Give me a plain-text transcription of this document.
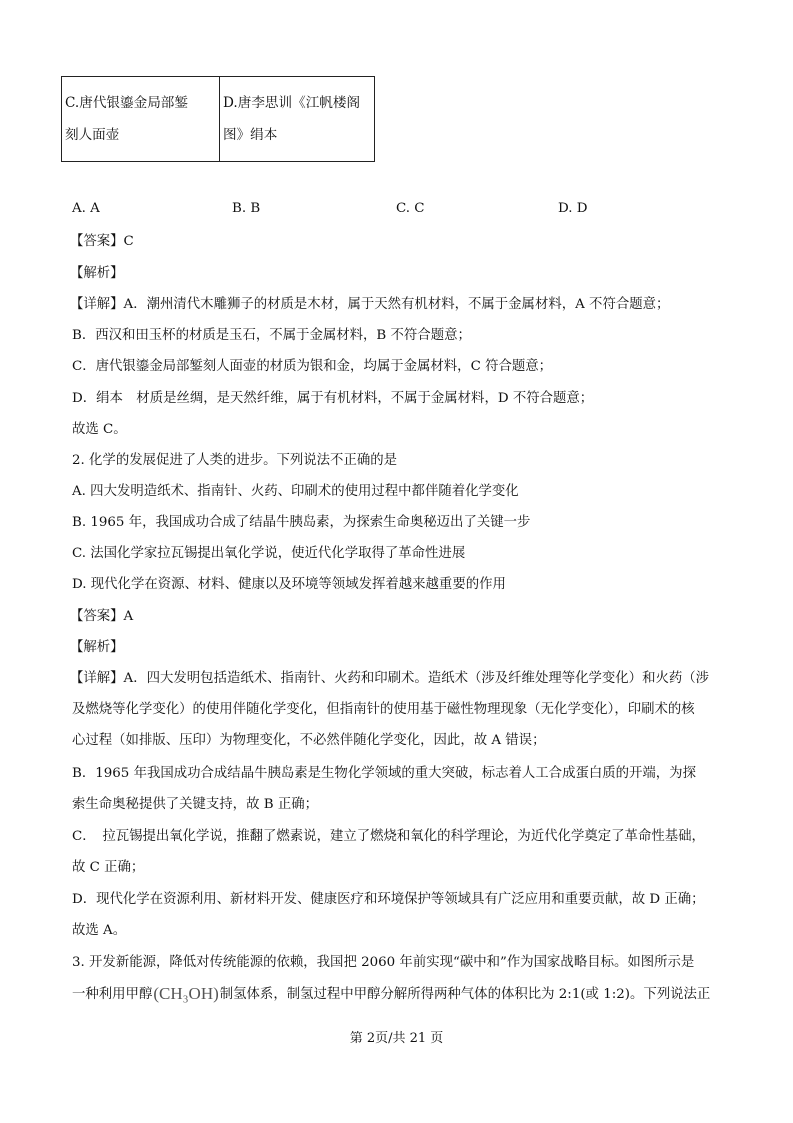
C.唐代银鎏金局部錾
刻人面壶

D.唐李思训《江帆楼阁
图》绢本
A. A	B. B	C. C	D. D
【答案】C
【解析】
【详解】A．潮州清代木雕狮子的材质是木材，属于天然有机材料，不属于金属材料，A 不符合题意；
B．西汉和田玉杯的材质是玉石，不属于金属材料，B 不符合题意；
C．唐代银鎏金局部錾刻人面壶的材质为银和金，均属于金属材料，C 符合题意；
D．绢本　材质是丝绸，是天然纤维，属于有机材料，不属于金属材料，D 不符合题意；
故选 C。
2. 化学的发展促进了人类的进步。下列说法不正确的是
A. 四大发明造纸术、指南针、火药、印刷术的使用过程中都伴随着化学变化
B. 1965 年，我国成功合成了结晶牛胰岛素，为探索生命奥秘迈出了关键一步
C. 法国化学家拉瓦锡提出氧化学说，使近代化学取得了革命性进展
D. 现代化学在资源、材料、健康以及环境等领域发挥着越来越重要的作用
【答案】A
【解析】
【详解】A．四大发明包括造纸术、指南针、火药和印刷术。造纸术（涉及纤维处理等化学变化）和火药（涉
及燃烧等化学变化）的使用伴随化学变化，但指南针的使用基于磁性物理现象（无化学变化），印刷术的核
心过程（如排版、压印）为物理变化，不必然伴随化学变化，因此，故 A 错误；
B．1965 年我国成功合成结晶牛胰岛素是生物化学领域的重大突破，标志着人工合成蛋白质的开端，为探
索生命奥秘提供了关键支持，故 B 正确；
C．　拉瓦锡提出氧化学说，推翻了燃素说，建立了燃烧和氧化的科学理论，为近代化学奠定了革命性基础，
故 C 正确；
D．现代化学在资源利用、新材料开发、健康医疗和环境保护等领域具有广泛应用和重要贡献，故 D 正确；
故选 A。
3. 开发新能源，降低对传统能源的依赖，我国把 2060 年前实现“碳中和”作为国家战略目标。如图所示是
一种利用甲醇(CH₃OH)制氢体系，制氢过程中甲醇分解所得两种气体的体积比为 2:1(或 1:2)。下列说法正
第 2页/共 21 页
